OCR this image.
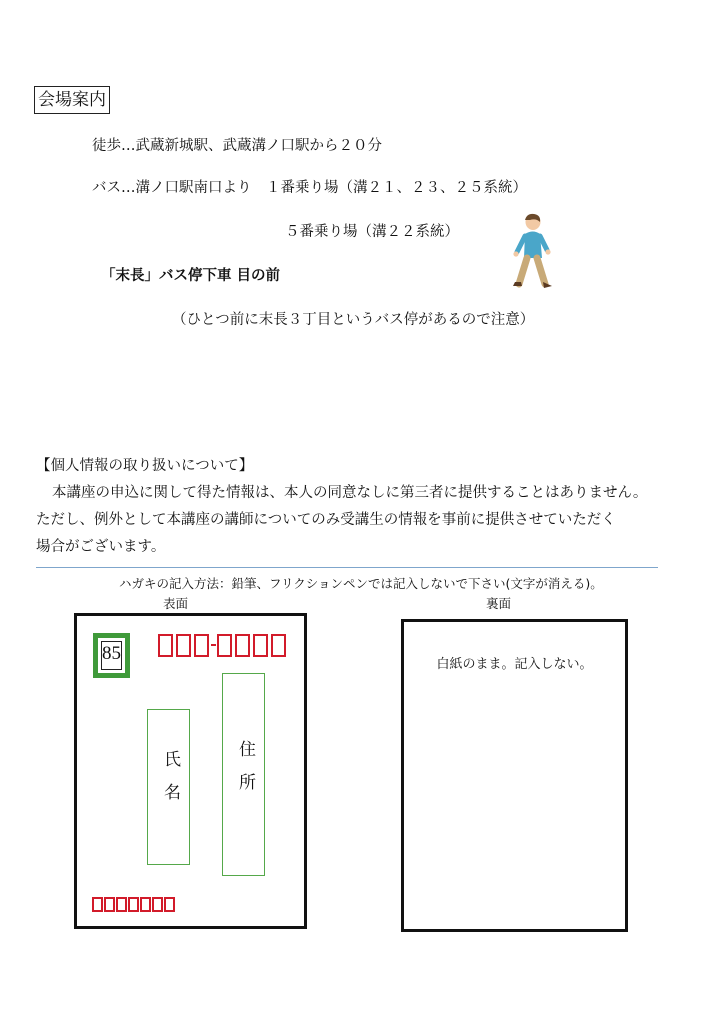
会場案内
徒歩…武蔵新城駅、武蔵溝ノ口駅から２０分
バス…溝ノ口駅南口より　１番乗り場（溝２１、２３、２５系統）
５番乗り場（溝２２系統）
「末長」バス停下車 目の前
（ひとつ前に末長３丁目というバス停があるので注意）
【個人情報の取り扱いについて】
本講座の申込に関して得た情報は、本人の同意なしに第三者に提供することはありません。
ただし、例外として本講座の講師についてのみ受講生の情報を事前に提供させていただく
場合がございます。
ハガキの記入方法：鉛筆、フリクションペンでは記入しないで下さい(文字が消える)。
表面	裏面
85
住所
氏名
白紙のまま。記入しない。
